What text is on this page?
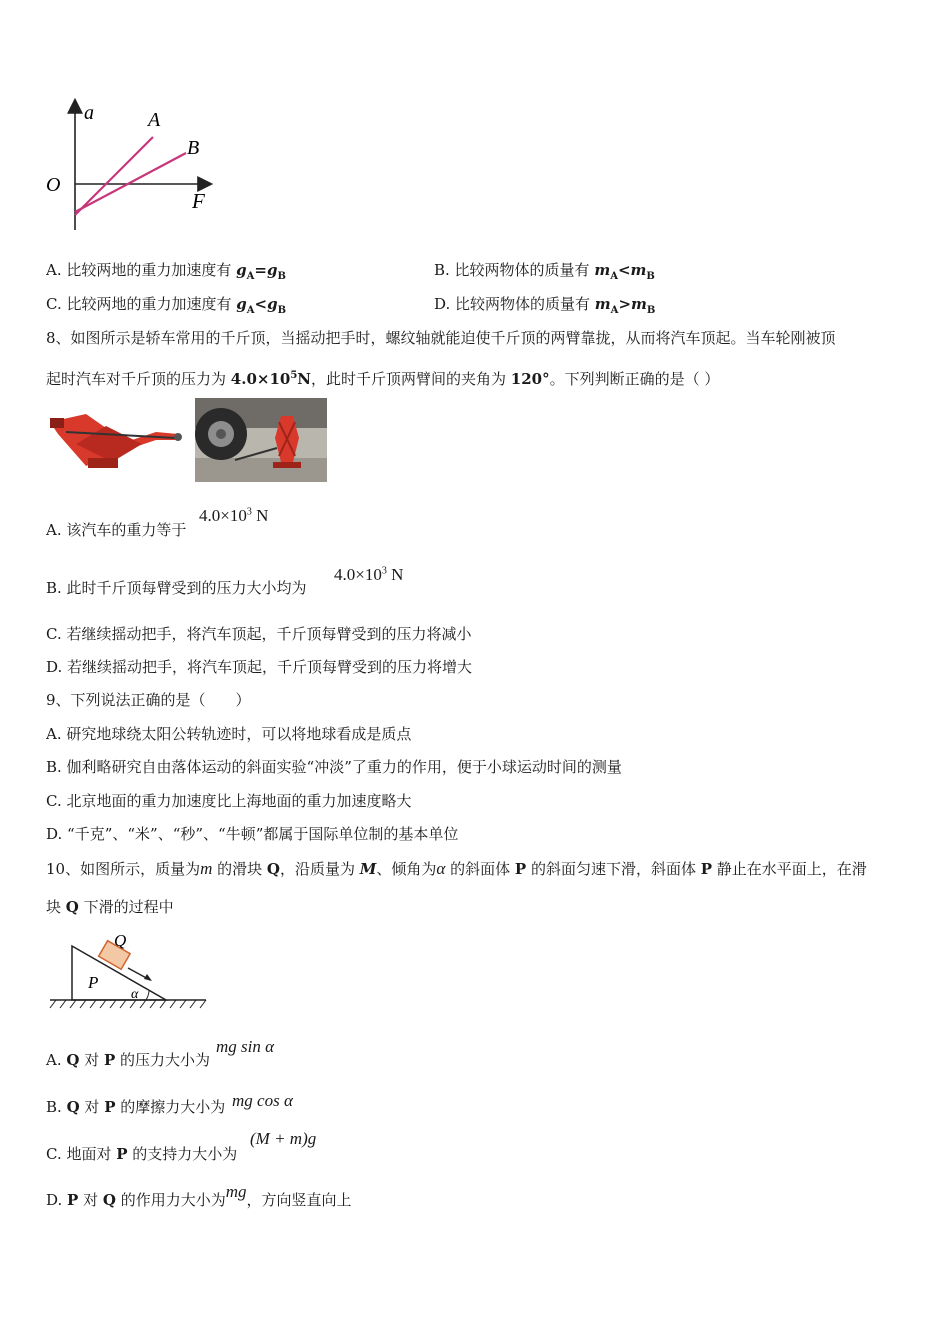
a
F
O
A
B
A. 比较两地的重力加速度有 $g_A=g_B$	B. 比较两物体的质量有 $m_A<m_B$
C. 比较两地的重力加速度有 $g_A<g_B$	D. 比较两物体的质量有 $m_A>m_B$
8、如图所示是轿车常用的千斤顶，当摇动把手时，螺纹轴就能迫使千斤顶的两臂靠拢，从而将汽车顶起。当车轮刚被顶
起时汽车对千斤顶的压力为 $4.0\times 10^5N$，此时千斤顶两臂间的夹角为 120°。下列判断正确的是（ ）
A. 该汽车的重力等于
$4.0\times 10^3$ N
B. 此时千斤顶每臂受到的压力大小均为
$4.0\times 10^3$ N
C. 若继续摇动把手，将汽车顶起，千斤顶每臂受到的压力将减小
D. 若继续摇动把手，将汽车顶起，千斤顶每臂受到的压力将增大
9、下列说法正确的是（　　）
A. 研究地球绕太阳公转轨迹时，可以将地球看成是质点
B. 伽利略研究自由落体运动的斜面实验“冲淡”了重力的作用，便于小球运动时间的测量
C. 北京地面的重力加速度比上海地面的重力加速度略大
D. “千克”、“米”、“秒”、“牛顿”都属于国际单位制的基本单位
10、如图所示，质量为m 的滑块 Q，沿质量为 M、倾角为α 的斜面体 P 的斜面匀速下滑，斜面体 P 静止在水平面上，在滑
块 Q 下滑的过程中
Q
P
α
A. Q 对 P 的压力大小为
mg sin α
B. Q 对 P 的摩擦力大小为 mg cos α
C. 地面对 P 的支持力大小为
(M + m)g
D. P 对 Q 的作用力大小为mg，方向竖直向上
